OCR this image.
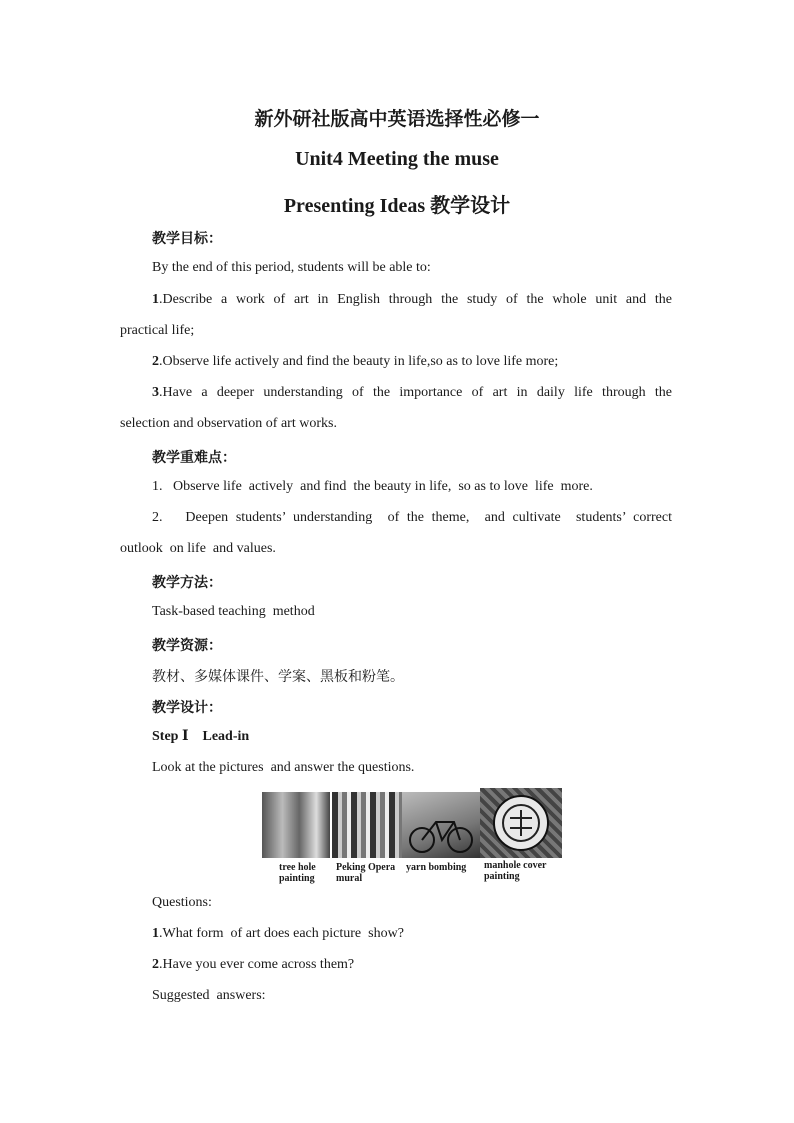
新外研社版高中英语选择性必修一
Unit4 Meeting the muse
Presenting Ideas 教学设计
教学目标：
By the end of this period, students will be able to:
1.Describe a work of art in English through the study of the whole unit and the
practical life;
2.Observe life actively and find the beauty in life,so as to love life more;
3.Have a deeper understanding of the importance of art in daily life through the
selection and observation of art works.
教学重难点：
1.   Observe life  actively  and find  the beauty in life,  so as to love  life  more.
2.   Deepen students’ understanding  of the theme,  and cultivate  students’ correct
outlook  on life  and values.
教学方法：
Task-based teaching  method
教学资源：
教材、多媒体课件、学案、黑板和粉笔。
教学设计：
Step Ⅰ    Lead-in
Look at the pictures  and answer the questions.
tree hole
painting
Peking Opera
mural
yarn bombing manhole cover
painting
Questions:
1.What form  of art does each picture  show?
2.Have you ever come across them?
Suggested  answers:
